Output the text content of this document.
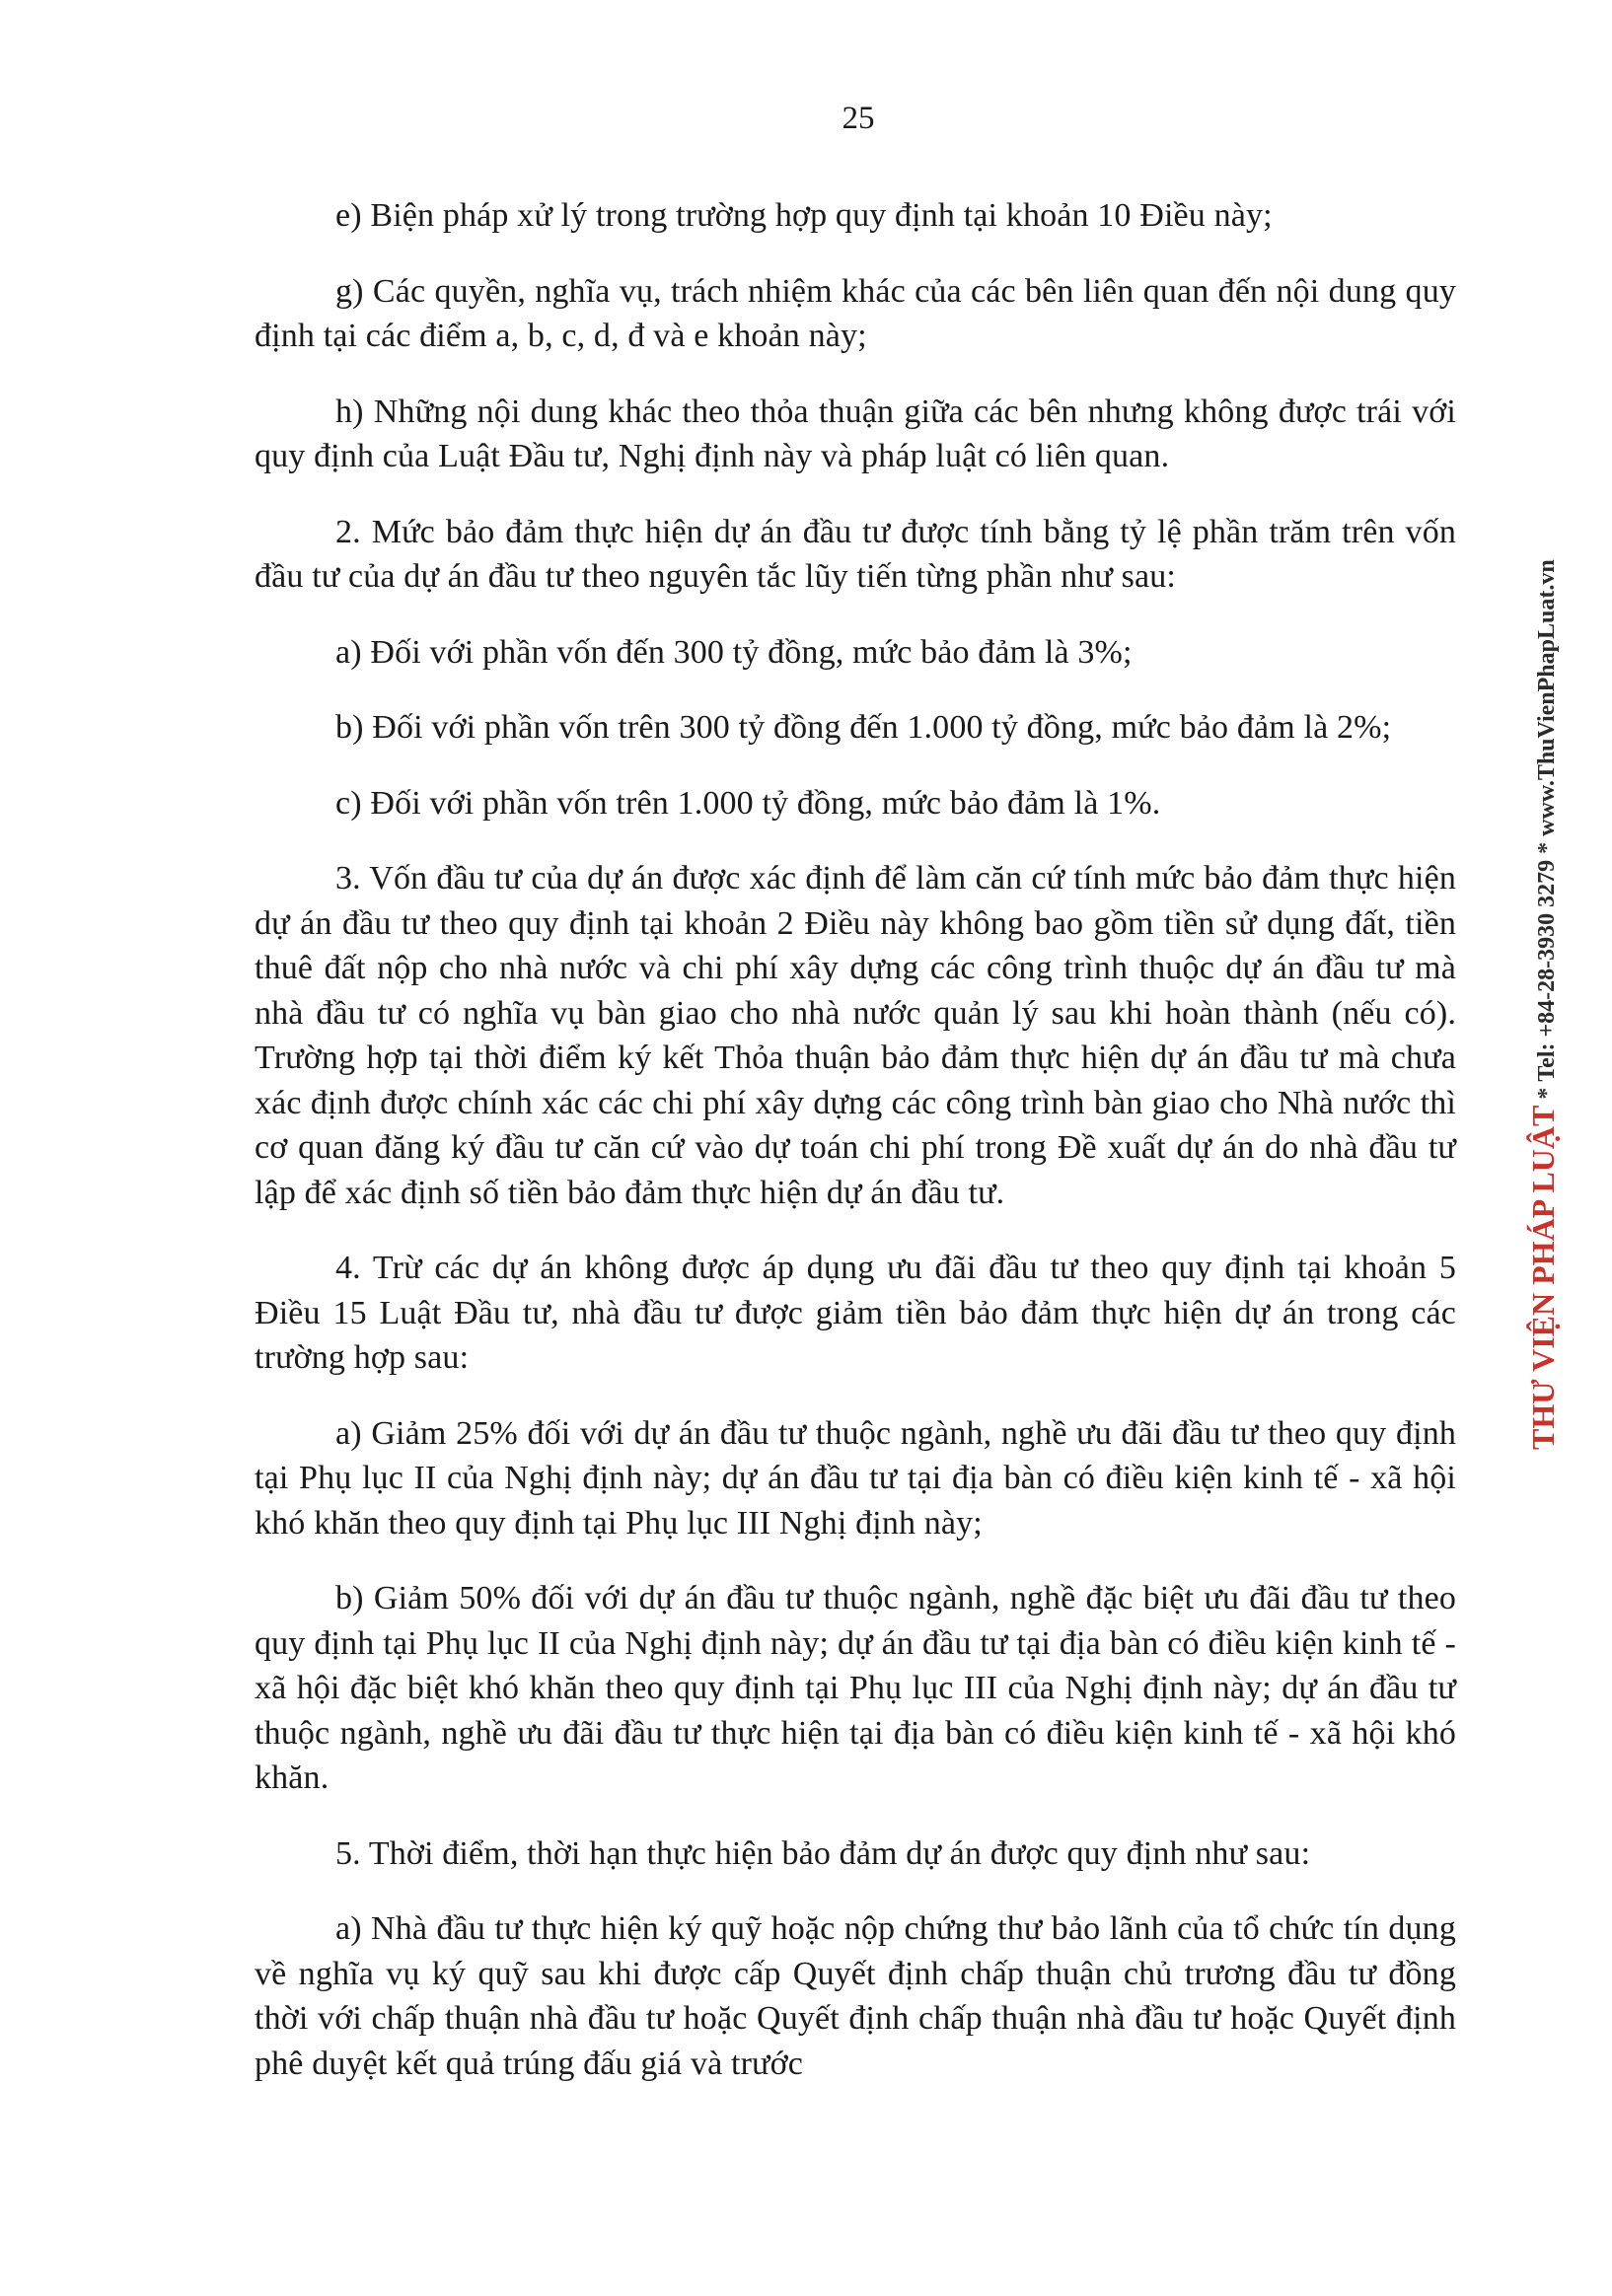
25

e) Biện pháp xử lý trong trường hợp quy định tại khoản 10 Điều này;

g) Các quyền, nghĩa vụ, trách nhiệm khác của các bên liên quan đến nội dung quy định tại các điểm a, b, c, d, đ và e khoản này;

h) Những nội dung khác theo thỏa thuận giữa các bên nhưng không được trái với quy định của Luật Đầu tư, Nghị định này và pháp luật có liên quan.

2. Mức bảo đảm thực hiện dự án đầu tư được tính bằng tỷ lệ phần trăm trên vốn đầu tư của dự án đầu tư theo nguyên tắc lũy tiến từng phần như sau:

a) Đối với phần vốn đến 300 tỷ đồng, mức bảo đảm là 3%;

b) Đối với phần vốn trên 300 tỷ đồng đến 1.000 tỷ đồng, mức bảo đảm là 2%;

c) Đối với phần vốn trên 1.000 tỷ đồng, mức bảo đảm là 1%.

3. Vốn đầu tư của dự án được xác định để làm căn cứ tính mức bảo đảm thực hiện dự án đầu tư theo quy định tại khoản 2 Điều này không bao gồm tiền sử dụng đất, tiền thuê đất nộp cho nhà nước và chi phí xây dựng các công trình thuộc dự án đầu tư mà nhà đầu tư có nghĩa vụ bàn giao cho nhà nước quản lý sau khi hoàn thành (nếu có). Trường hợp tại thời điểm ký kết Thỏa thuận bảo đảm thực hiện dự án đầu tư mà chưa xác định được chính xác các chi phí xây dựng các công trình bàn giao cho Nhà nước thì cơ quan đăng ký đầu tư căn cứ vào dự toán chi phí trong Đề xuất dự án do nhà đầu tư lập để xác định số tiền bảo đảm thực hiện dự án đầu tư.

4. Trừ các dự án không được áp dụng ưu đãi đầu tư theo quy định tại khoản 5 Điều 15 Luật Đầu tư, nhà đầu tư được giảm tiền bảo đảm thực hiện dự án trong các trường hợp sau:

a) Giảm 25% đối với dự án đầu tư thuộc ngành, nghề ưu đãi đầu tư theo quy định tại Phụ lục II của Nghị định này; dự án đầu tư tại địa bàn có điều kiện kinh tế - xã hội khó khăn theo quy định tại Phụ lục III Nghị định này;

b) Giảm 50% đối với dự án đầu tư thuộc ngành, nghề đặc biệt ưu đãi đầu tư theo quy định tại Phụ lục II của Nghị định này; dự án đầu tư tại địa bàn có điều kiện kinh tế - xã hội đặc biệt khó khăn theo quy định tại Phụ lục III của Nghị định này; dự án đầu tư thuộc ngành, nghề ưu đãi đầu tư thực hiện tại địa bàn có điều kiện kinh tế - xã hội khó khăn.

5. Thời điểm, thời hạn thực hiện bảo đảm dự án được quy định như sau:

a) Nhà đầu tư thực hiện ký quỹ hoặc nộp chứng thư bảo lãnh của tổ chức tín dụng về nghĩa vụ ký quỹ sau khi được cấp Quyết định chấp thuận chủ trương đầu tư đồng thời với chấp thuận nhà đầu tư hoặc Quyết định chấp thuận nhà đầu tư hoặc Quyết định phê duyệt kết quả trúng đấu giá và trước

THƯ VIỆN PHÁP LUẬT*Tel: +84-28-3930 3279*www.ThuVienPhapLuat.vn
